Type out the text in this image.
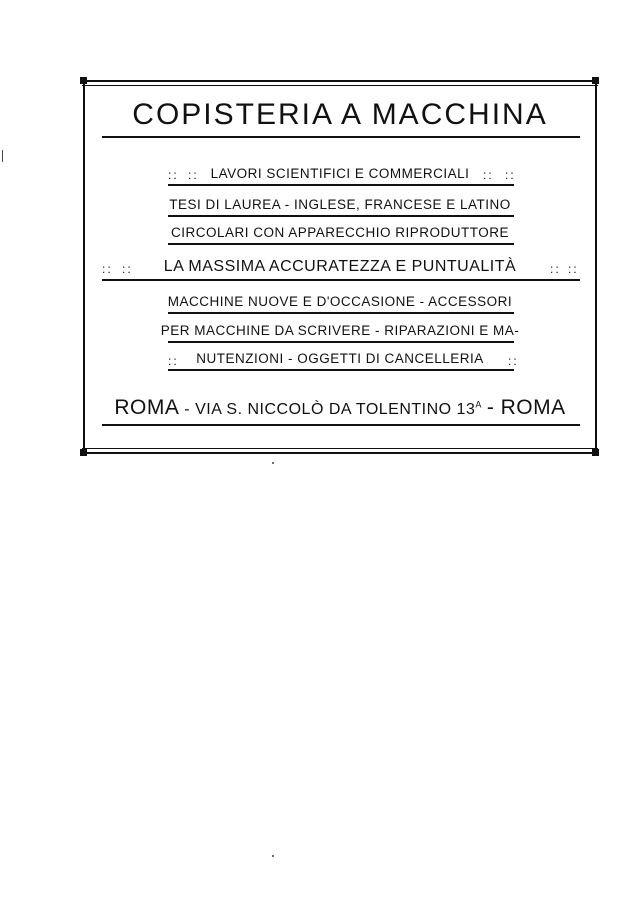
COPISTERIA A MACCHINA
:: :: LAVORI SCIENTIFICI E COMMERCIALI	:: ::
TESI DI LAUREA - INGLESE, FRANCESE E LATINO
CIRCOLARI CON APPARECCHIO RIPRODUTTORE
:: ::	LA MASSIMA ACCURATEZZA E PUNTUALITÀ	:: ::
MACCHINE NUOVE E D'OCCASIONE - ACCESSORI
PER MACCHINE DA SCRIVERE - RIPARAZIONI E MA-
::	NUTENZIONI - OGGETTI DI CANCELLERIA	::
ROMA - VIA S. NICCOLÒ DA TOLENTINO $13^A$ - ROMA
